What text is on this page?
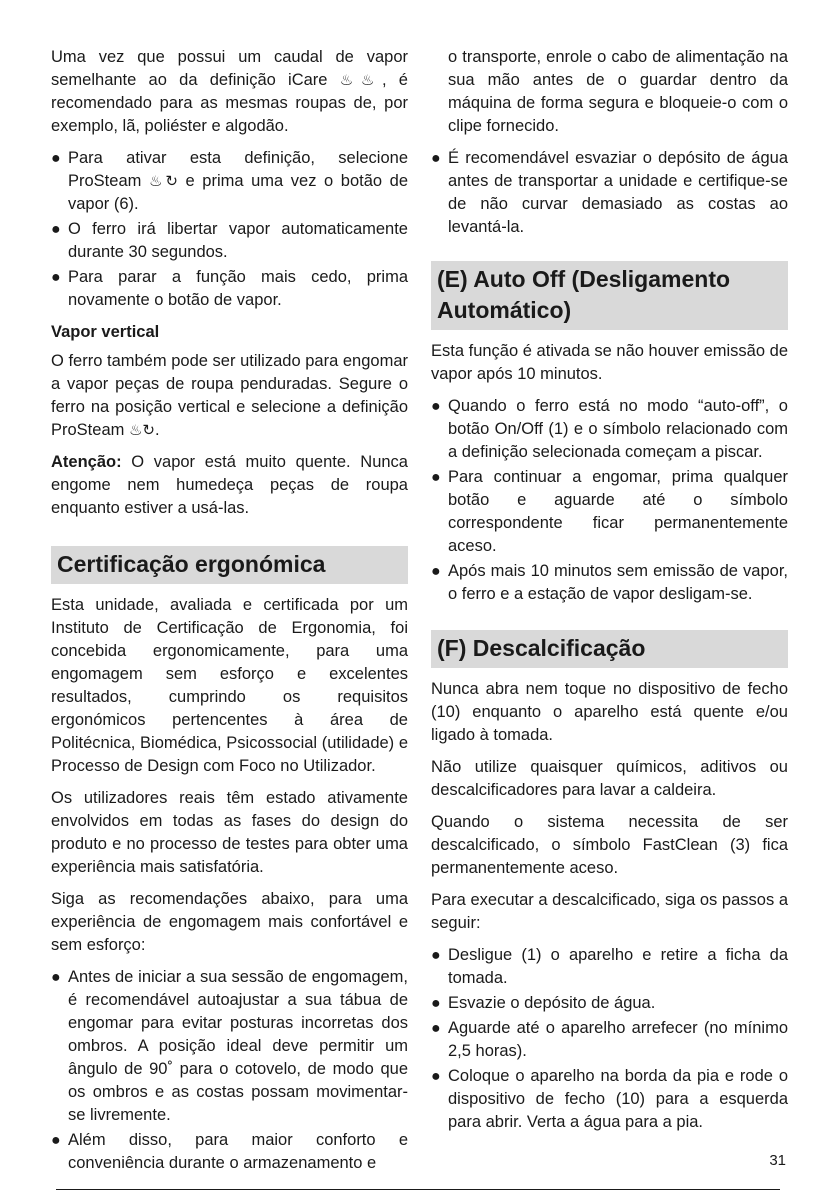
Uma vez que possui um caudal de vapor semelhante ao da definição iCare ♨♨, é recomendado para as mesmas roupas de, por exemplo, lã, poliéster e algodão.

● Para ativar esta definição, selecione ProSteam ♨↻ e prima uma vez o botão de vapor (6).
● O ferro irá libertar vapor automaticamente durante 30 segundos.
● Para parar a função mais cedo, prima novamente o botão de vapor.
Vapor vertical

O ferro também pode ser utilizado para engomar a vapor peças de roupa penduradas. Segure o ferro na posição vertical e selecione a definição ProSteam ♨↻.

Atenção: O vapor está muito quente. Nunca engome nem humedeça peças de roupa enquanto estiver a usá-las.

Certificação ergonómica

Esta unidade, avaliada e certificada por um Instituto de Certificação de Ergonomia, foi concebida ergonomicamente, para uma engomagem sem esforço e excelentes resultados, cumprindo os requisitos ergonómicos pertencentes à área de Politécnica, Biomédica, Psicossocial (utilidade) e Processo de Design com Foco no Utilizador.

Os utilizadores reais têm estado ativamente envolvidos em todas as fases do design do produto e no processo de testes para obter uma experiência mais satisfatória.

Siga as recomendações abaixo, para uma experiência de engomagem mais confortável e sem esforço:

● Antes de iniciar a sua sessão de engomagem, é recomendável autoajustar a sua tábua de engomar para evitar posturas incorretas dos ombros. A posição ideal deve permitir um ângulo de 90˚ para o cotovelo, de modo que os ombros e as costas possam movimentar-se livremente.
● Além disso, para maior conforto e conveniência durante o armazenamento e

o transporte, enrole o cabo de alimentação na sua mão antes de o guardar dentro da máquina de forma segura e bloqueie-o com o clipe fornecido.

● É recomendável esvaziar o depósito de água antes de transportar a unidade e certifique-se de não curvar demasiado as costas ao levantá-la.
(E) Auto Off (Desligamento Automático)

Esta função é ativada se não houver emissão de vapor após 10 minutos.

● Quando o ferro está no modo “auto-off”, o botão On/Off (1) e o símbolo relacionado com a definição selecionada começam a piscar.
● Para continuar a engomar, prima qualquer botão e aguarde até o símbolo correspondente ficar permanentemente aceso.
● Após mais 10 minutos sem emissão de vapor, o ferro e a estação de vapor desligam-se.
(F) Descalcificação

Nunca abra nem toque no dispositivo de fecho (10) enquanto o aparelho está quente e/ou ligado à tomada.

Não utilize quaisquer químicos, aditivos ou descalcificadores para lavar a caldeira.

Quando o sistema necessita de ser descalcificado, o símbolo FastClean (3) fica permanentemente aceso.

Para executar a descalcificado, siga os passos a seguir:

● Desligue (1) o aparelho e retire a ficha da tomada.
● Esvazie o depósito de água.
● Aguarde até o aparelho arrefecer (no mínimo 2,5 horas).
● Coloque o aparelho na borda da pia e rode o dispositivo de fecho (10) para a esquerda para abrir. Verta a água para a pia.
31
